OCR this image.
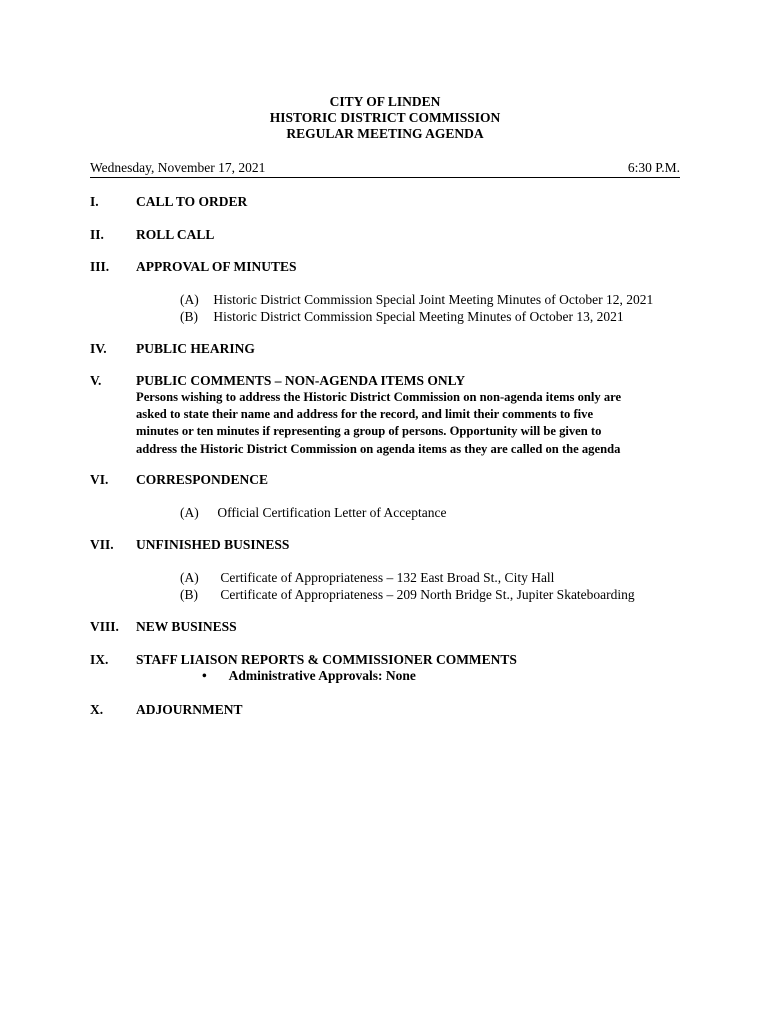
CITY OF LINDEN
HISTORIC DISTRICT COMMISSION
REGULAR MEETING AGENDA
Wednesday, November 17, 2021	6:30 P.M.
I.	CALL TO ORDER
II. ROLL CALL
III. APPROVAL OF MINUTES
(A) Historic District Commission Special Joint Meeting Minutes of October 12, 2021
(B) Historic District Commission Special Meeting Minutes of October 13, 2021
IV. PUBLIC HEARING
V.	PUBLIC COMMENTS – NON-AGENDA ITEMS ONLY
Persons wishing to address the Historic District Commission on non-agenda items only are
asked to state their name and address for the record, and limit their comments to five
minutes or ten minutes if representing a group of persons. Opportunity will be given to
address the Historic District Commission on agenda items as they are called on the agenda
VI. CORRESPONDENCE
(A) Official Certification Letter of Acceptance
VII. UNFINISHED BUSINESS
(A) Certificate of Appropriateness – 132 East Broad St., City Hall
(B) Certificate of Appropriateness – 209 North Bridge St., Jupiter Skateboarding
VIII. NEW BUSINESS
IX. STAFF LIAISON REPORTS & COMMISSIONER COMMENTS
• Administrative Approvals: None
X. ADJOURNMENT
